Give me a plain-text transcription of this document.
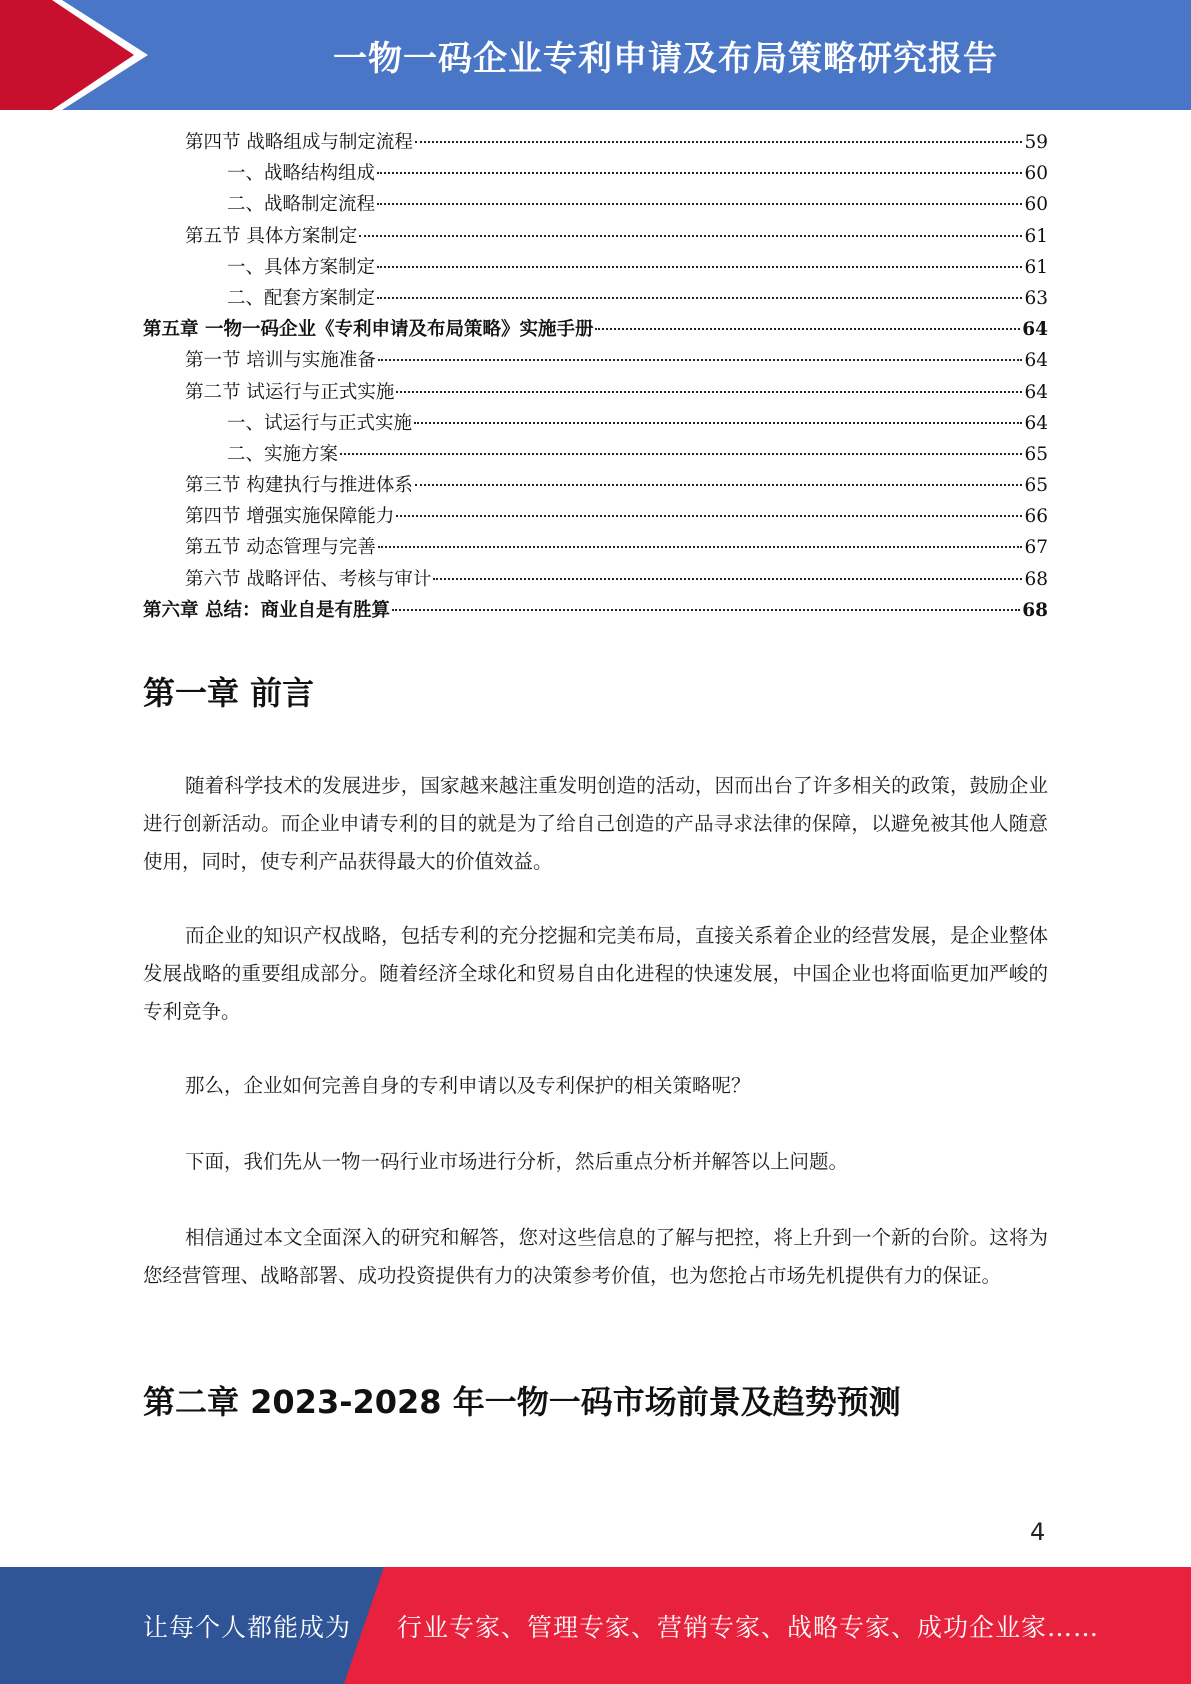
一物一码企业专利申请及布局策略研究报告
第四节 战略组成与制定流程	59
一、战略结构组成	60
二、战略制定流程	60
第五节 具体方案制定	61
一、具体方案制定	61
二、配套方案制定	63
第五章 一物一码企业《专利申请及布局策略》实施手册	64
第一节 培训与实施准备	64
第二节 试运行与正式实施	64
一、试运行与正式实施	64
二、实施方案	65
第三节 构建执行与推进体系	65
第四节 增强实施保障能力	66
第五节 动态管理与完善	67
第六节 战略评估、考核与审计	68
第六章 总结：商业自是有胜算	68
第一章 前言

随着科学技术的发展进步，国家越来越注重发明创造的活动，因而出台了许多相关的政策，鼓励企业进行创新活动。而企业申请专利的目的就是为了给自己创造的产品寻求法律的保障，以避免被其他人随意使用，同时，使专利产品获得最大的价值效益。

而企业的知识产权战略，包括专利的充分挖掘和完美布局，直接关系着企业的经营发展，是企业整体发展战略的重要组成部分。随着经济全球化和贸易自由化进程的快速发展，中国企业也将面临更加严峻的专利竞争。

那么，企业如何完善自身的专利申请以及专利保护的相关策略呢？

下面，我们先从一物一码行业市场进行分析，然后重点分析并解答以上问题。

相信通过本文全面深入的研究和解答，您对这些信息的了解与把控，将上升到一个新的台阶。这将为您经营管理、战略部署、成功投资提供有力的决策参考价值，也为您抢占市场先机提供有力的保证。

第二章 2023-2028 年一物一码市场前景及趋势预测
4
让每个人都能成为 行业专家、管理专家、营销专家、战略专家、成功企业家……
